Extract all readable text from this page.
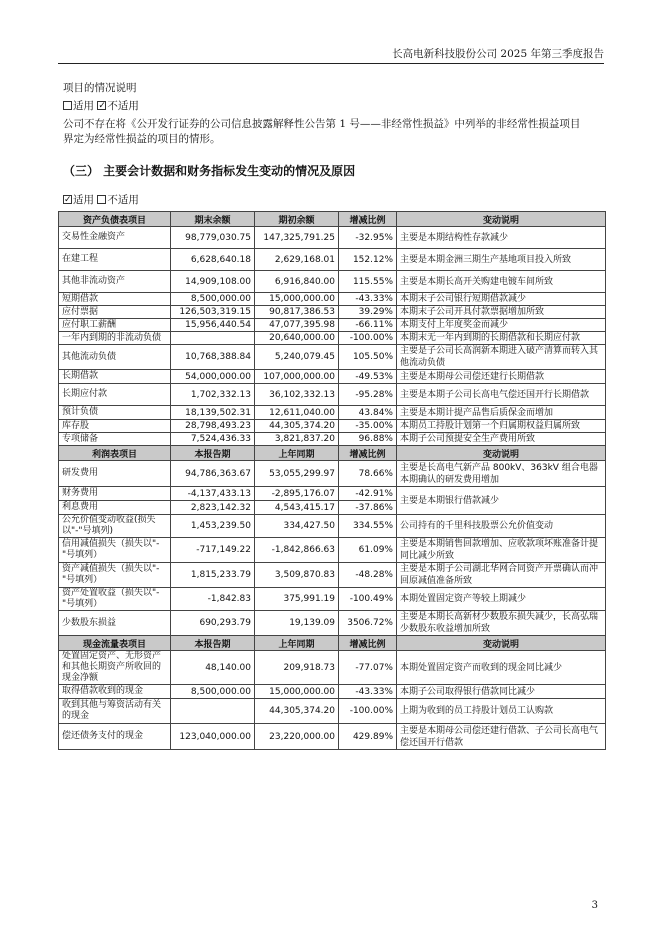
长高电新科技股份公司 2025 年第三季度报告
项目的情况说明
适用 ✓ 不适用
公司不存在将《公开发行证券的公司信息披露解释性公告第 1 号——非经常性损益》中列举的非经常性损益项目界定为经常性损益的项目的情形。
（三） 主要会计数据和财务指标发生变动的情况及原因
✓适用 不适用
资产负债表项目	期末余额	期初余额	增减比例	变动说明
交易性金融资产	98,779,030.75	147,325,791.25	-32.95%	主要是本期结构性存款减少
在建工程	6,628,640.18	2,629,168.01	152.12%	主要是本期金洲三期生产基地项目投入所致
其他非流动资产	14,909,108.00	6,916,840.00	115.55%	主要是本期长高开关购建电镀车间所致
短期借款	8,500,000.00	15,000,000.00	-43.33%	本期末子公司银行短期借款减少
应付票据	126,503,319.15	90,817,386.53	39.29%	本期末子公司开具付款票据增加所致
应付职工薪酬	15,956,440.54	47,077,395.98	-66.11%	本期支付上年度奖金而减少
一年内到期的非流动负债		20,640,000.00	-100.00%	本期末无一年内到期的长期借款和长期应付款
其他流动负债	10,768,388.84	5,240,079.45	105.50%	主要是子公司长高润新本期进入破产清算而转入其他流动负债
长期借款	54,000,000.00	107,000,000.00	-49.53%	主要是本期母公司偿还建行长期借款
长期应付款	1,702,332.13	36,102,332.13	-95.28%	主要是本期子公司长高电气偿还国开行长期借款
预计负债	18,139,502.31	12,611,040.00	43.84%	主要是本期计提产品售后质保金而增加
库存股	28,798,493.23	44,305,374.20	-35.00%	本期员工持股计划第一个归属期权益归属所致
专项储备	7,524,436.33	3,821,837.20	96.88%	本期子公司预提安全生产费用所致
利润表项目	本报告期	上年同期	增减比例	变动说明
研发费用	94,786,363.67	53,055,299.97	78.66%	主要是长高电气新产品 800kV、363kV 组合电器本期确认的研发费用增加
财务费用	-4,137,433.13	-2,895,176.07	-42.91%	主要是本期银行借款减少
利息费用	2,823,142.32	4,543,415.17	-37.86%	
公允价值变动收益(损失以"-"号填列)	1,453,239.50	334,427.50	334.55%	公司持有的千里科技股票公允价值变动
信用减值损失（损失以"-"号填列）	-717,149.22	-1,842,866.63	61.09%	主要是本期销售回款增加、应收款项坏账准备计提同比减少所致
资产减值损失（损失以"-"号填列）	1,815,233.79	3,509,870.83	-48.28%	主要是本期子公司湖北华网合同资产开票确认而冲回原减值准备所致
资产处置收益（损失以"-"号填列）	-1,842.83	375,991.19	-100.49%	本期处置固定资产等较上期减少
少数股东损益	690,293.79	19,139.09	3506.72%	主要是本期长高新材少数股东损失减少，长高弘瑞少数股东收益增加所致
现金流量表项目	本报告期	上年同期	增减比例	变动说明
处置固定资产、无形资产和其他长期资产所收回的现金净额	48,140.00	209,918.73	-77.07%	本期处置固定资产而收到的现金同比减少
取得借款收到的现金	8,500,000.00	15,000,000.00	-43.33%	本期子公司取得银行借款同比减少
收到其他与筹资活动有关的现金		44,305,374.20	-100.00%	上期为收到的员工持股计划员工认购款
偿还债务支付的现金	123,040,000.00	23,220,000.00	429.89%	主要是本期母公司偿还建行借款、子公司长高电气偿还国开行借款
3
